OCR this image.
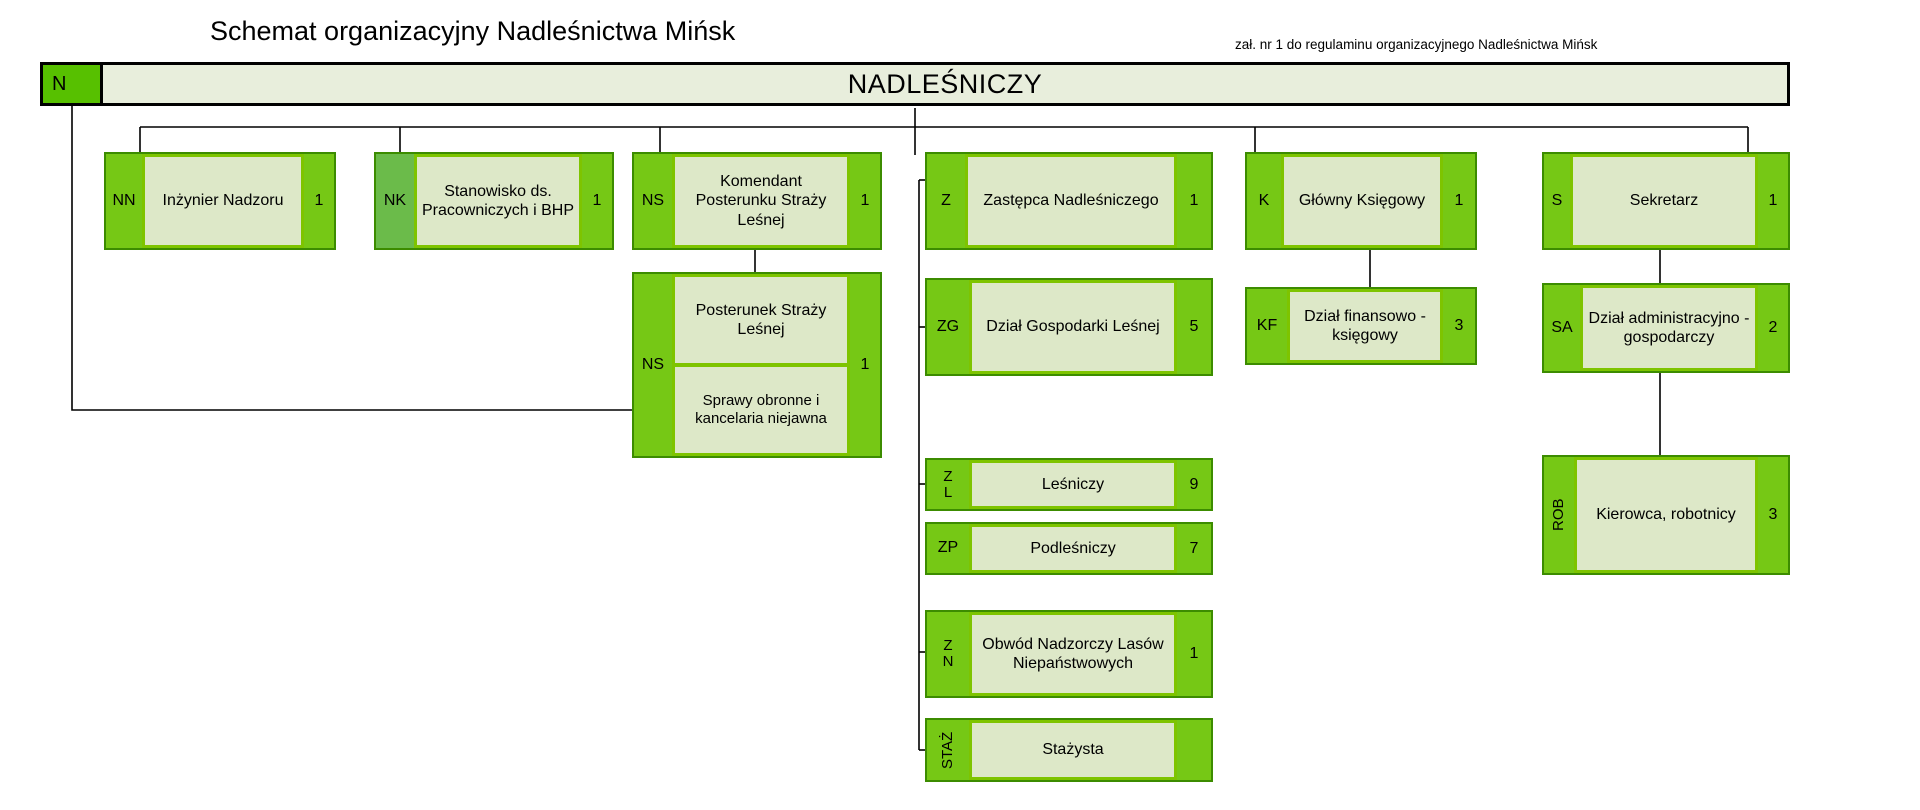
Schemat organizacyjny Nadleśnictwa Mińsk	zał. nr 1 do regulaminu organizacyjnego Nadleśnictwa Mińsk
N	NADLEŚNICZY
NN	Inżynier Nadzoru	1	NK
Stanowisko ds. Pracowniczych i BHP
1	NS
Komendant Posterunku Straży Leśnej
1
NS
Posterunek Straży Leśnej
Sprawy obronne i kancelaria niejawna
1
Z	Zastępca Nadleśniczego	1
ZG	Dział Gospodarki Leśnej	5
Z
L	Leśniczy	9
ZP	Podleśniczy	7
Z
N
Obwód Nadzorczy Lasów Niepaństwowych
1
STAŻ	Stażysta
K	Główny Księgowy	1
KF
Dział finansowo - księgowy
3
S	Sekretarz	1
SA
Dział administracyjno - gospodarczy
2
ROB	Kierowca, robotnicy	3
